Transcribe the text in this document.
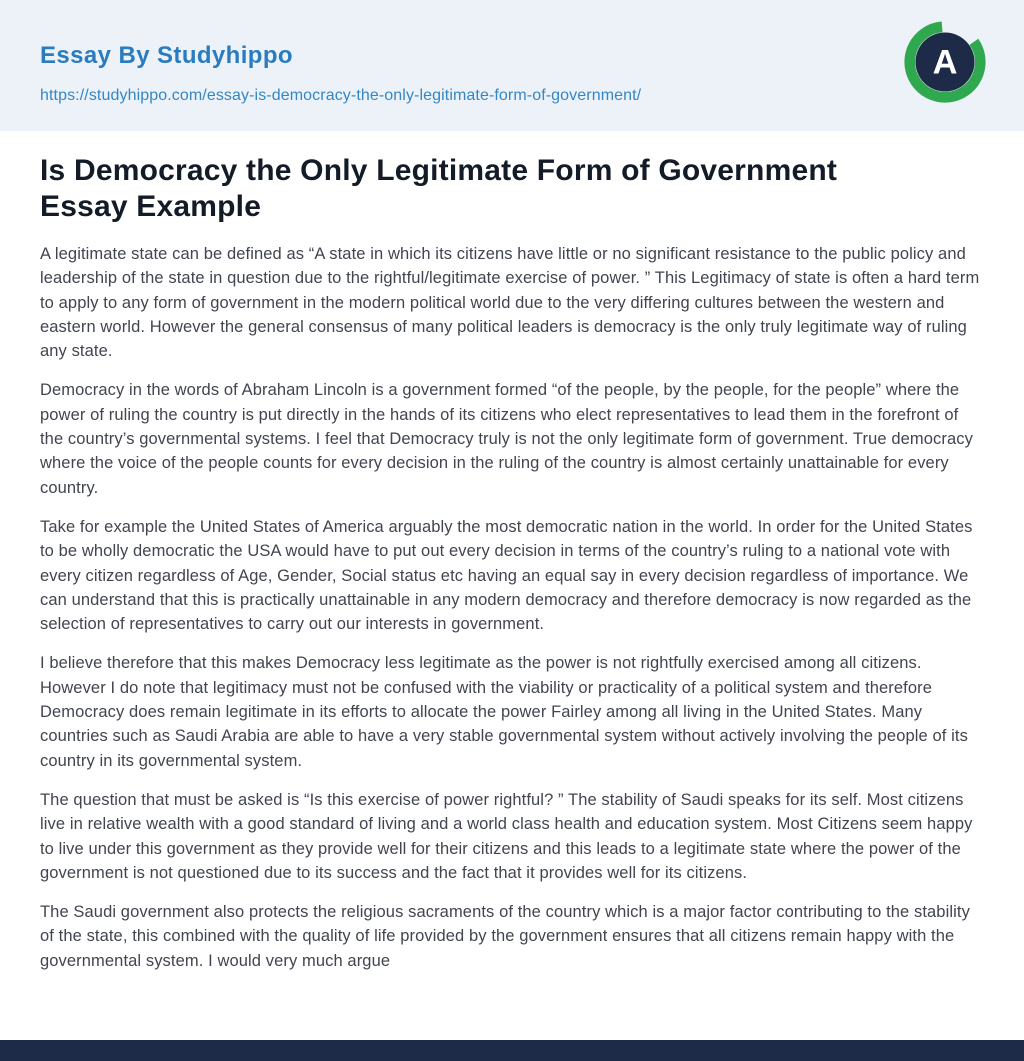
Essay By Studyhippo
https://studyhippo.com/essay-is-democracy-the-only-legitimate-form-of-government/
A
Is Democracy the Only Legitimate Form of Government Essay Example

A legitimate state can be defined as “A state in which its citizens have little or no significant resistance to the public policy and leadership of the state in question due to the rightful/legitimate exercise of power. ” This Legitimacy of state is often a hard term to apply to any form of government in the modern political world due to the very differing cultures between the western and eastern world. However the general consensus of many political leaders is democracy is the only truly legitimate way of ruling any state.

Democracy in the words of Abraham Lincoln is a government formed “of the people, by the people, for the people” where the power of ruling the country is put directly in the hands of its citizens who elect representatives to lead them in the forefront of the country’s governmental systems. I feel that Democracy truly is not the only legitimate form of government. True democracy where the voice of the people counts for every decision in the ruling of the country is almost certainly unattainable for every country.

Take for example the United States of America arguably the most democratic nation in the world. In order for the United States to be wholly democratic the USA would have to put out every decision in terms of the country’s ruling to a national vote with every citizen regardless of Age, Gender, Social status etc having an equal say in every decision regardless of importance. We can understand that this is practically unattainable in any modern democracy and therefore democracy is now regarded as the selection of representatives to carry out our interests in government.

I believe therefore that this makes Democracy less legitimate as the power is not rightfully exercised among all citizens. However I do note that legitimacy must not be confused with the viability or practicality of a political system and therefore Democracy does remain legitimate in its efforts to allocate the power Fairley among all living in the United States. Many countries such as Saudi Arabia are able to have a very stable governmental system without actively involving the people of its country in its governmental system.

The question that must be asked is “Is this exercise of power rightful? ” The stability of Saudi speaks for its self. Most citizens live in relative wealth with a good standard of living and a world class health and education system. Most Citizens seem happy to live under this government as they provide well for their citizens and this leads to a legitimate state where the power of the government is not questioned due to its success and the fact that it provides well for its citizens.

The Saudi government also protects the religious sacraments of the country which is a major factor contributing to the stability of the state, this combined with the quality of life provided by the government ensures that all citizens remain happy with the governmental system. I would very much argue
